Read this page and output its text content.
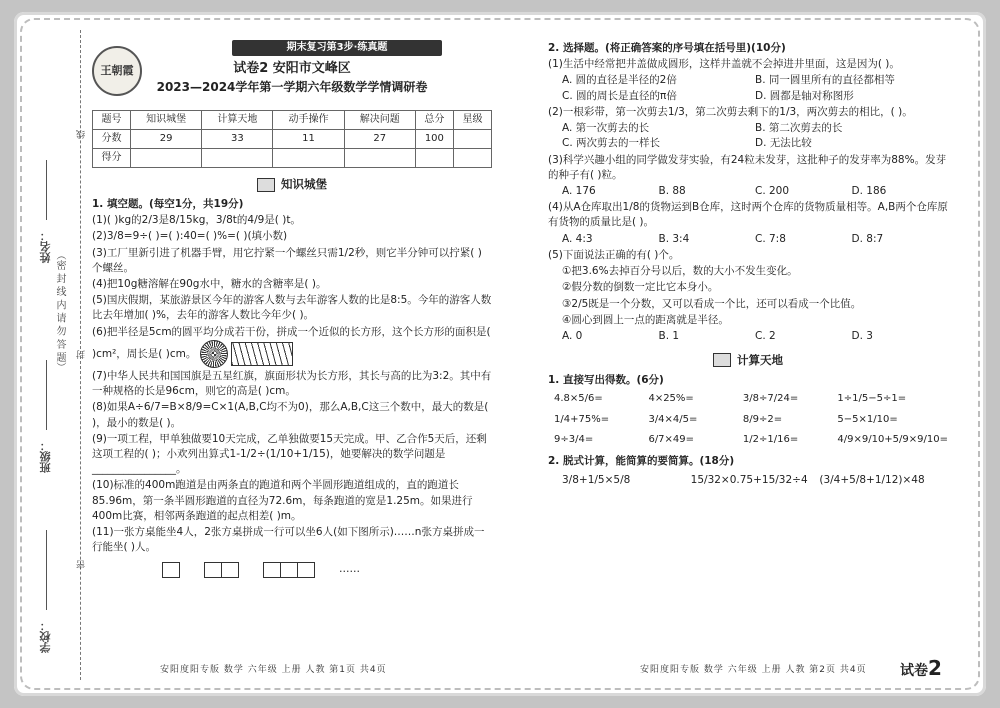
姓名：
（密 封 线 内 请 勿 答 题）
班级：
学校：
线
封
密
期末复习第3步·练真题
王朝霞	试卷2 安阳市文峰区
2023—2024学年第一学期六年级数学学情调研卷
题号	知识城堡	计算天地	动手操作	解决问题	总分	星级
分数	29	33	11	27	100	
得分						
知识城堡
1. 填空题。(每空1分，共19分)
(1)( )kg的2/3是8/15kg，3/8t的4/9是( )t。
(2)3/8=9÷( )=( ):40=( )%=( )(填小数)
(3)工厂里新引进了机器手臂，用它拧紧一个螺丝只需1/2秒，则它半分钟可以拧紧( )个螺丝。
(4)把10g糖溶解在90g水中，糖水的含糖率是( )。
(5)国庆假期，某旅游景区今年的游客人数与去年游客人数的比是8:5。今年的游客人数比去年增加( )%，去年的游客人数比今年少( )。
(6)把半径是5cm的圆平均分成若干份，拼成一个近似的长方形，这个长方形的面积是( )cm²，周长是( )cm。
(7)中华人民共和国国旗是五星红旗，旗面形状为长方形，其长与高的比为3:2。其中有一种规格的长是96cm，则它的高是( )cm。
(8)如果A÷6/7=B×8/9=C×1(A,B,C均不为0)，那么A,B,C这三个数中，最大的数是( )，最小的数是( )。
(9)一项工程，甲单独做要10天完成，乙单独做要15天完成。甲、乙合作5天后，还剩这项工程的( )；小欢列出算式1-1/2÷(1/10+1/15)，她要解决的数学问题是________________。
(10)标准的400m跑道是由两条直的跑道和两个半圆形跑道组成的，直的跑道长85.96m，第一条半圆形跑道的直径为72.6m，每条跑道的宽是1.25m。如果进行400m比赛，相邻两条跑道的起点相差( )m。
(11)一张方桌能坐4人，2张方桌拼成一行可以坐6人(如下图所示)……n张方桌拼成一行能坐( )人。
……
2. 选择题。(将正确答案的序号填在括号里)(10分)
(1)生活中经常把井盖做成圆形，这样井盖就不会掉进井里面，这是因为( )。
A. 圆的直径是半径的2倍	B. 同一圆里所有的直径都相等
C. 圆的周长是直径的π倍	D. 圆都是轴对称图形
(2)一根彩带，第一次剪去1/3，第二次剪去剩下的1/3，两次剪去的相比，( )。
A. 第一次剪去的长	B. 第二次剪去的长
C. 两次剪去的一样长	D. 无法比较
(3)科学兴趣小组的同学做发芽实验，有24粒未发芽，这批种子的发芽率为88%。发芽的种子有( )粒。
A. 176	B. 88	C. 200	D. 186
(4)从A仓库取出1/8的货物运到B仓库，这时两个仓库的货物质量相等。A,B两个仓库原有货物的质量比是( )。
A. 4:3	B. 3:4	C. 7:8	D. 8:7
(5)下面说法正确的有( )个。
①把3.6%去掉百分号以后，数的大小不发生变化。
②假分数的倒数一定比它本身小。
③2/5既是一个分数，又可以看成一个比，还可以看成一个比值。
④圆心到圆上一点的距离就是半径。
A. 0	B. 1	C. 2	D. 3
计算天地
1. 直接写出得数。(6分)
4.8×5/6=	4×25%=	3/8÷7/24=	1÷1/5−5÷1=
1/4+75%=	3/4×4/5=	8/9÷2=	5−5×1/10=
9÷3/4=	6/7×49=	1/2÷1/16=	4/9×9/10+5/9×9/10=
2. 脱式计算，能简算的要简算。(18分)
3/8+1/5×5/8	15/32×0.75+15/32÷4	(3/4+5/8+1/12)×48
安阳度阳专版 数学 六年级 上册 人教 第1页 共4页	安阳度阳专版 数学 六年级 上册 人教 第2页 共4页 试卷2
